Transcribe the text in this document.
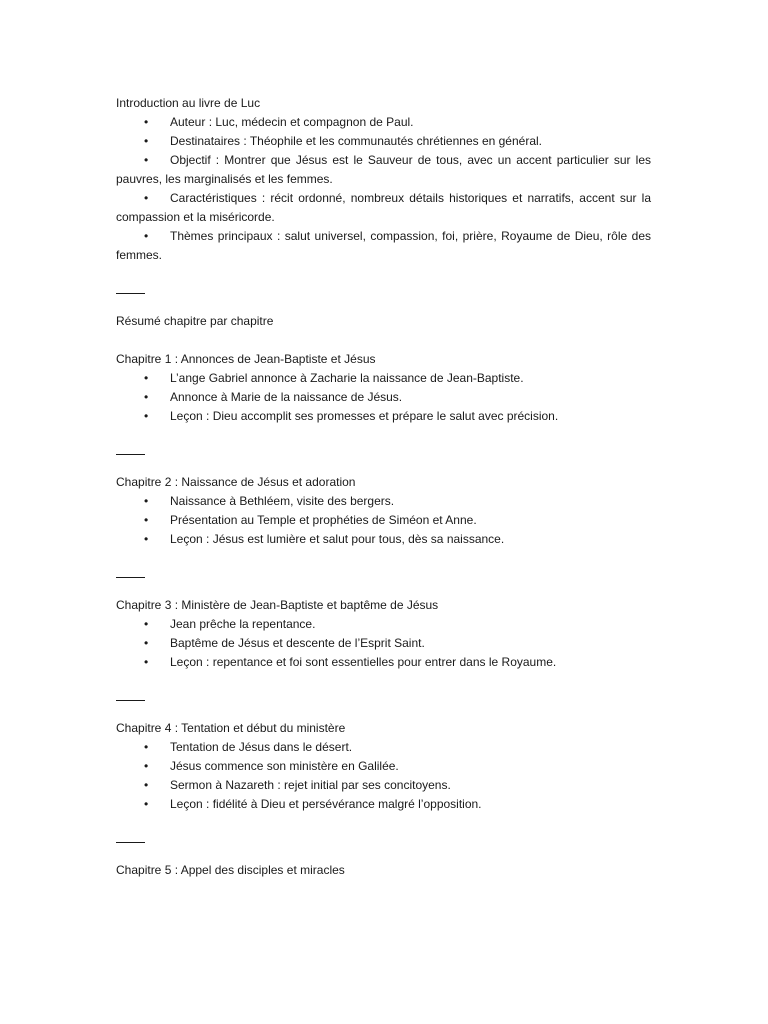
Introduction au livre de Luc

• Auteur : Luc, médecin et compagnon de Paul.
• Destinataires : Théophile et les communautés chrétiennes en général.
• Objectif : Montrer que Jésus est le Sauveur de tous, avec un accent particulier sur les pauvres, les marginalisés et les femmes.
• Caractéristiques : récit ordonné, nombreux détails historiques et narratifs, accent sur la compassion et la miséricorde.
• Thèmes principaux : salut universel, compassion, foi, prière, Royaume de Dieu, rôle des femmes.

Résumé chapitre par chapitre

Chapitre 1 : Annonces de Jean-Baptiste et Jésus

• L’ange Gabriel annonce à Zacharie la naissance de Jean-Baptiste.
• Annonce à Marie de la naissance de Jésus.
• Leçon : Dieu accomplit ses promesses et prépare le salut avec précision.

Chapitre 2 : Naissance de Jésus et adoration

• Naissance à Bethléem, visite des bergers.
• Présentation au Temple et prophéties de Siméon et Anne.
• Leçon : Jésus est lumière et salut pour tous, dès sa naissance.

Chapitre 3 : Ministère de Jean-Baptiste et baptême de Jésus

• Jean prêche la repentance.
• Baptême de Jésus et descente de l’Esprit Saint.
• Leçon : repentance et foi sont essentielles pour entrer dans le Royaume.

Chapitre 4 : Tentation et début du ministère

• Tentation de Jésus dans le désert.
• Jésus commence son ministère en Galilée.
• Sermon à Nazareth : rejet initial par ses concitoyens.
• Leçon : fidélité à Dieu et persévérance malgré l’opposition.

Chapitre 5 : Appel des disciples et miracles
